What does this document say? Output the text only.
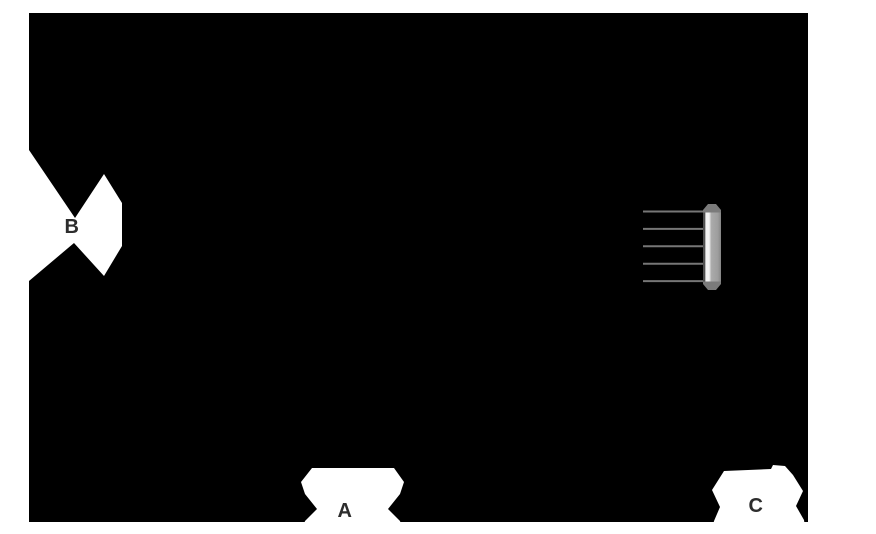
B
A	C
